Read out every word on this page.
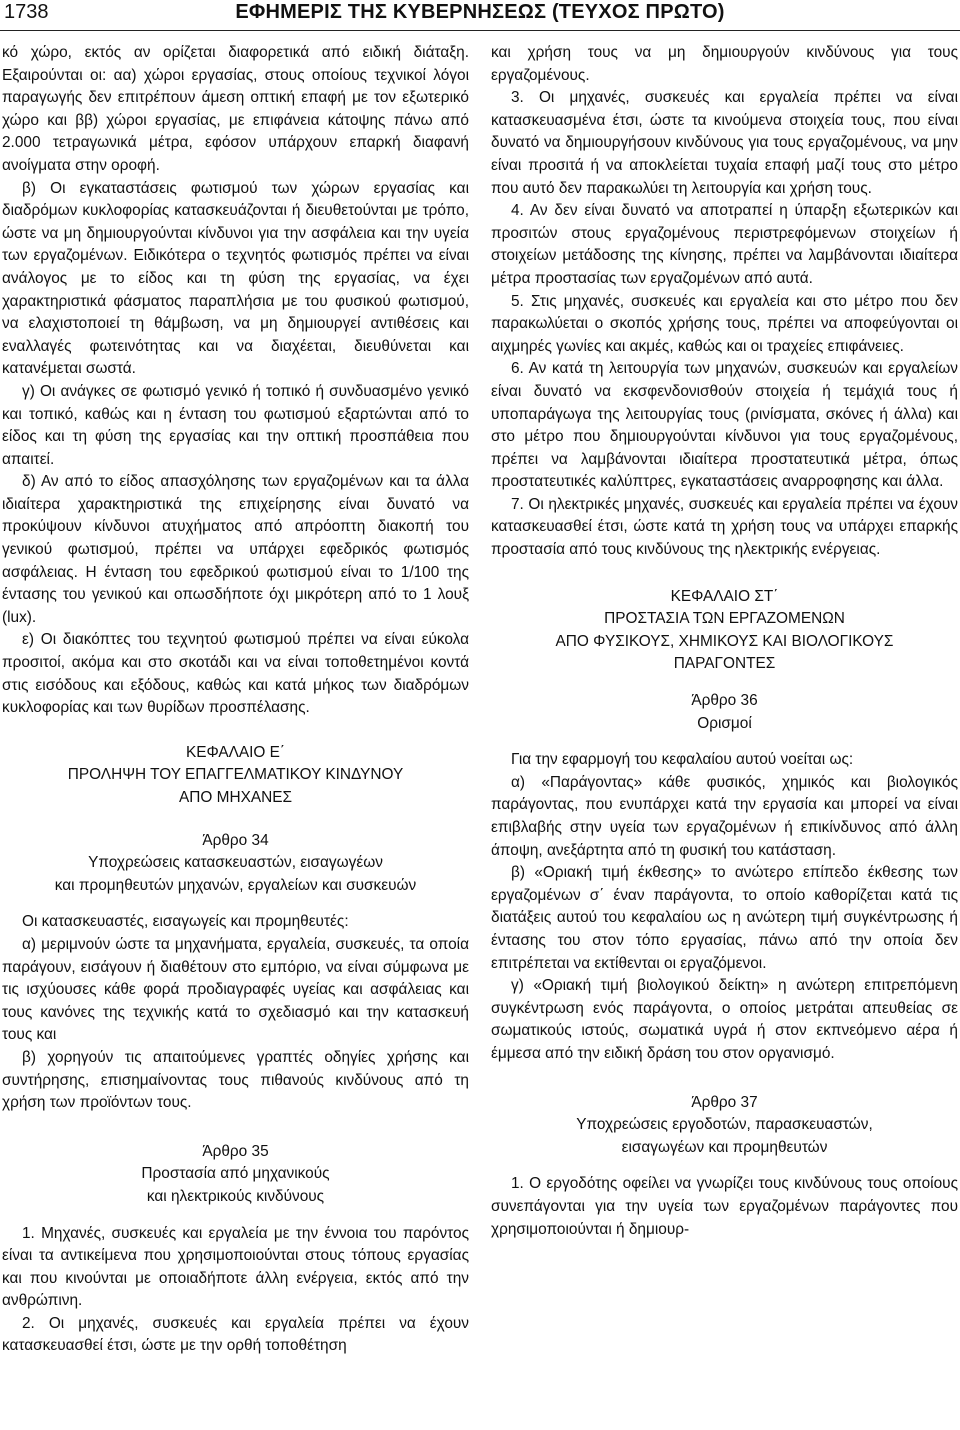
1738	ΕΦΗΜΕΡΙΣ ΤΗΣ ΚΥΒΕΡΝΗΣΕΩΣ (ΤΕΥΧΟΣ ΠΡΩΤΟ)

κό χώρο, εκτός αν ορίζεται διαφορετικά από ειδική διάταξη. Εξαιρούνται οι: αα) χώροι εργασίας, στους οποίους τεχνικοί λόγοι παραγωγής δεν επιτρέπουν άμεση οπτική επαφή με τον εξωτερικό χώρο και ββ) χώροι εργασίας, με επιφάνεια κάτοψης πάνω από 2.000 τετραγωνικά μέτρα, εφόσον υπάρχουν επαρκή διαφανή ανοίγματα στην οροφή.

β) Οι εγκαταστάσεις φωτισμού των χώρων εργασίας και διαδρόμων κυκλοφορίας κατασκευάζονται ή διευθετούνται με τρόπο, ώστε να μη δημιουργούνται κίνδυνοι για την ασφάλεια και την υγεία των εργαζομένων. Ειδικότερα ο τεχνητός φωτισμός πρέπει να είναι ανάλογος με το είδος και τη φύση της εργασίας, να έχει χαρακτηριστικά φάσματος παραπλήσια με του φυσικού φωτισμού, να ελαχιστοποιεί τη θάμβωση, να μη δημιουργεί αντιθέσεις και εναλλαγές φωτεινότητας και να διαχέεται, διευθύνεται και κατανέμεται σωστά.

γ) Οι ανάγκες σε φωτισμό γενικό ή τοπικό ή συνδυασμένο γενικό και τοπικό, καθώς και η ένταση του φωτισμού εξαρτώνται από το είδος και τη φύση της εργασίας και την οπτική προσπάθεια που απαιτεί.

δ) Αν από το είδος απασχόλησης των εργαζομένων και τα άλλα ιδιαίτερα χαρακτηριστικά της επιχείρησης είναι δυνατό να προκύψουν κίνδυνοι ατυχήματος από απρόοπτη διακοπή του γενικού φωτισμού, πρέπει να υπάρχει εφεδρικός φωτισμός ασφάλειας. Η ένταση του εφεδρικού φωτισμού είναι το 1/100 της έντασης του γενικού και οπωσδήποτε όχι μικρότερη από το 1 λουξ (lux).

ε) Οι διακόπτες του τεχνητού φωτισμού πρέπει να είναι εύκολα προσιτοί, ακόμα και στο σκοτάδι και να είναι τοποθετημένοι κοντά στις εισόδους και εξόδους, καθώς και κατά μήκος των διαδρόμων κυκλοφορίας και των θυρίδων προσπέλασης.

ΚΕΦΑΛΑΙΟ Ε΄
ΠΡΟΛΗΨΗ ΤΟΥ ΕΠΑΓΓΕΛΜΑΤΙΚΟΥ ΚΙΝΔΥΝΟΥ
ΑΠΟ ΜΗΧΑΝΕΣ
Άρθρο 34
Υποχρεώσεις κατασκευαστών, εισαγωγέων
και προμηθευτών μηχανών, εργαλείων και συσκευών

Οι κατασκευαστές, εισαγωγείς και προμηθευτές:

α) μεριμνούν ώστε τα μηχανήματα, εργαλεία, συσκευές, τα οποία παράγουν, εισάγουν ή διαθέτουν στο εμπόριο, να είναι σύμφωνα με τις ισχύουσες κάθε φορά προδιαγραφές υγείας και ασφάλειας και τους κανόνες της τεχνικής κατά το σχεδιασμό και την κατασκευή τους και

β) χορηγούν τις απαιτούμενες γραπτές οδηγίες χρήσης και συντήρησης, επισημαίνοντας τους πιθανούς κινδύνους από τη χρήση των προϊόντων τους.

Άρθρο 35
Προστασία από μηχανικούς
και ηλεκτρικούς κινδύνους

1. Μηχανές, συσκευές και εργαλεία με την έννοια του παρόντος είναι τα αντικείμενα που χρησιμοποιούνται στους τόπους εργασίας και που κινούνται με οποιαδήποτε άλλη ενέργεια, εκτός από την ανθρώπινη.

2. Οι μηχανές, συσκευές και εργαλεία πρέπει να έχουν κατασκευασθεί έτσι, ώστε με την ορθή τοποθέτηση

και χρήση τους να μη δημιουργούν κινδύνους για τους εργαζομένους.

3. Οι μηχανές, συσκευές και εργαλεία πρέπει να είναι κατασκευασμένα έτσι, ώστε τα κινούμενα στοιχεία τους, που είναι δυνατό να δημιουργήσουν κινδύνους για τους εργαζομένους, να μην είναι προσιτά ή να αποκλείεται τυχαία επαφή μαζί τους στο μέτρο που αυτό δεν παρακωλύει τη λειτουργία και χρήση τους.

4. Αν δεν είναι δυνατό να αποτραπεί η ύπαρξη εξωτερικών και προσιτών στους εργαζομένους περιστρεφόμενων στοιχείων ή στοιχείων μετάδοσης της κίνησης, πρέπει να λαμβάνονται ιδιαίτερα μέτρα προστασίας των εργαζομένων από αυτά.

5. Στις μηχανές, συσκευές και εργαλεία και στο μέτρο που δεν παρακωλύεται ο σκοπός χρήσης τους, πρέπει να αποφεύγονται οι αιχμηρές γωνίες και ακμές, καθώς και οι τραχείες επιφάνειες.

6. Αν κατά τη λειτουργία των μηχανών, συσκευών και εργαλείων είναι δυνατό να εκσφενδονισθούν στοιχεία ή τεμάχιά τους ή υποπαράγωγα της λειτουργίας τους (ρινίσματα, σκόνες ή άλλα) και στο μέτρο που δημιουργούνται κίνδυνοι για τους εργαζομένους, πρέπει να λαμβάνονται ιδιαίτερα προστατευτικά μέτρα, όπως προστατευτικές καλύπτρες, εγκαταστάσεις αναρροφησης και άλλα.

7. Οι ηλεκτρικές μηχανές, συσκευές και εργαλεία πρέπει να έχουν κατασκευασθεί έτσι, ώστε κατά τη χρήση τους να υπάρχει επαρκής προστασία από τους κινδύνους της ηλεκτρικής ενέργειας.

ΚΕΦΑΛΑΙΟ ΣΤ΄
ΠΡΟΣΤΑΣΙΑ ΤΩΝ ΕΡΓΑΖΟΜΕΝΩΝ
ΑΠΟ ΦΥΣΙΚΟΥΣ, ΧΗΜΙΚΟΥΣ ΚΑΙ ΒΙΟΛΟΓΙΚΟΥΣ
ΠΑΡΑΓΟΝΤΕΣ
Άρθρο 36
Ορισμοί

Για την εφαρμογή του κεφαλαίου αυτού νοείται ως:

α) «Παράγοντας» κάθε φυσικός, χημικός και βιολογικός παράγοντας, που ενυπάρχει κατά την εργασία και μπορεί να είναι επιβλαβής στην υγεία των εργαζομένων ή επικίνδυνος από άλλη άποψη, ανεξάρτητα από τη φυσική του κατάσταση.

β) «Οριακή τιμή έκθεσης» το ανώτερο επίπεδο έκθεσης των εργαζομένων σ΄ έναν παράγοντα, το οποίο καθορίζεται κατά τις διατάξεις αυτού του κεφαλαίου ως η ανώτερη τιμή συγκέντρωσης ή έντασης του στον τόπο εργασίας, πάνω από την οποία δεν επιτρέπεται να εκτίθενται οι εργαζόμενοι.

γ) «Οριακή τιμή βιολογικού δείκτη» η ανώτερη επιτρεπόμενη συγκέντρωση ενός παράγοντα, ο οποίος μετράται απευθείας σε σωματικούς ιστούς, σωματικά υγρά ή στον εκπνεόμενο αέρα ή έμμεσα από την ειδική δράση του στον οργανισμό.

Άρθρο 37
Υποχρεώσεις εργοδοτών, παρασκευαστών,
εισαγωγέων και προμηθευτών

1. Ο εργοδότης οφείλει να γνωρίζει τους κινδύνους τους οποίους συνεπάγονται για την υγεία των εργαζομένων παράγοντες που χρησιμοποιούνται ή δημιουρ-
